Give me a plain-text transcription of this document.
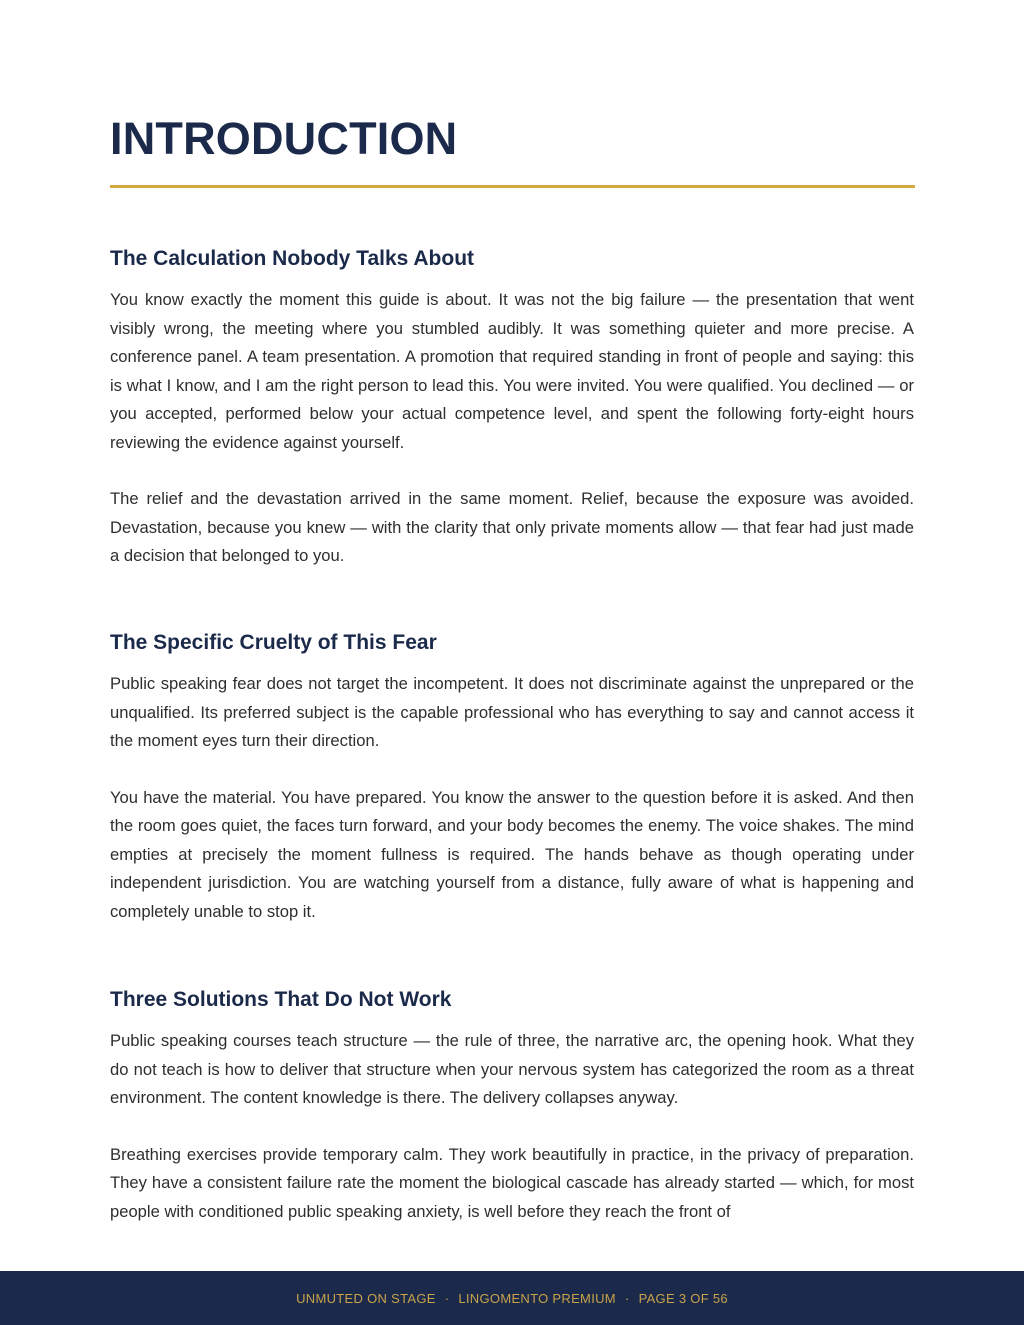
INTRODUCTION
The Calculation Nobody Talks About

You know exactly the moment this guide is about. It was not the big failure — the presentation that went visibly wrong, the meeting where you stumbled audibly. It was something quieter and more precise. A conference panel. A team presentation. A promotion that required standing in front of people and saying: this is what I know, and I am the right person to lead this. You were invited. You were qualified. You declined — or you accepted, performed below your actual competence level, and spent the following forty-eight hours reviewing the evidence against yourself.

The relief and the devastation arrived in the same moment. Relief, because the exposure was avoided. Devastation, because you knew — with the clarity that only private moments allow — that fear had just made a decision that belonged to you.

The Specific Cruelty of This Fear

Public speaking fear does not target the incompetent. It does not discriminate against the unprepared or the unqualified. Its preferred subject is the capable professional who has everything to say and cannot access it the moment eyes turn their direction.

You have the material. You have prepared. You know the answer to the question before it is asked. And then the room goes quiet, the faces turn forward, and your body becomes the enemy. The voice shakes. The mind empties at precisely the moment fullness is required. The hands behave as though operating under independent jurisdiction. You are watching yourself from a distance, fully aware of what is happening and completely unable to stop it.

Three Solutions That Do Not Work

Public speaking courses teach structure — the rule of three, the narrative arc, the opening hook. What they do not teach is how to deliver that structure when your nervous system has categorized the room as a threat environment. The content knowledge is there. The delivery collapses anyway.

Breathing exercises provide temporary calm. They work beautifully in practice, in the privacy of preparation. They have a consistent failure rate the moment the biological cascade has already started — which, for most people with conditioned public speaking anxiety, is well before they reach the front of

UNMUTED ON STAGE · LINGOMENTO PREMIUM · PAGE 3 OF 56
